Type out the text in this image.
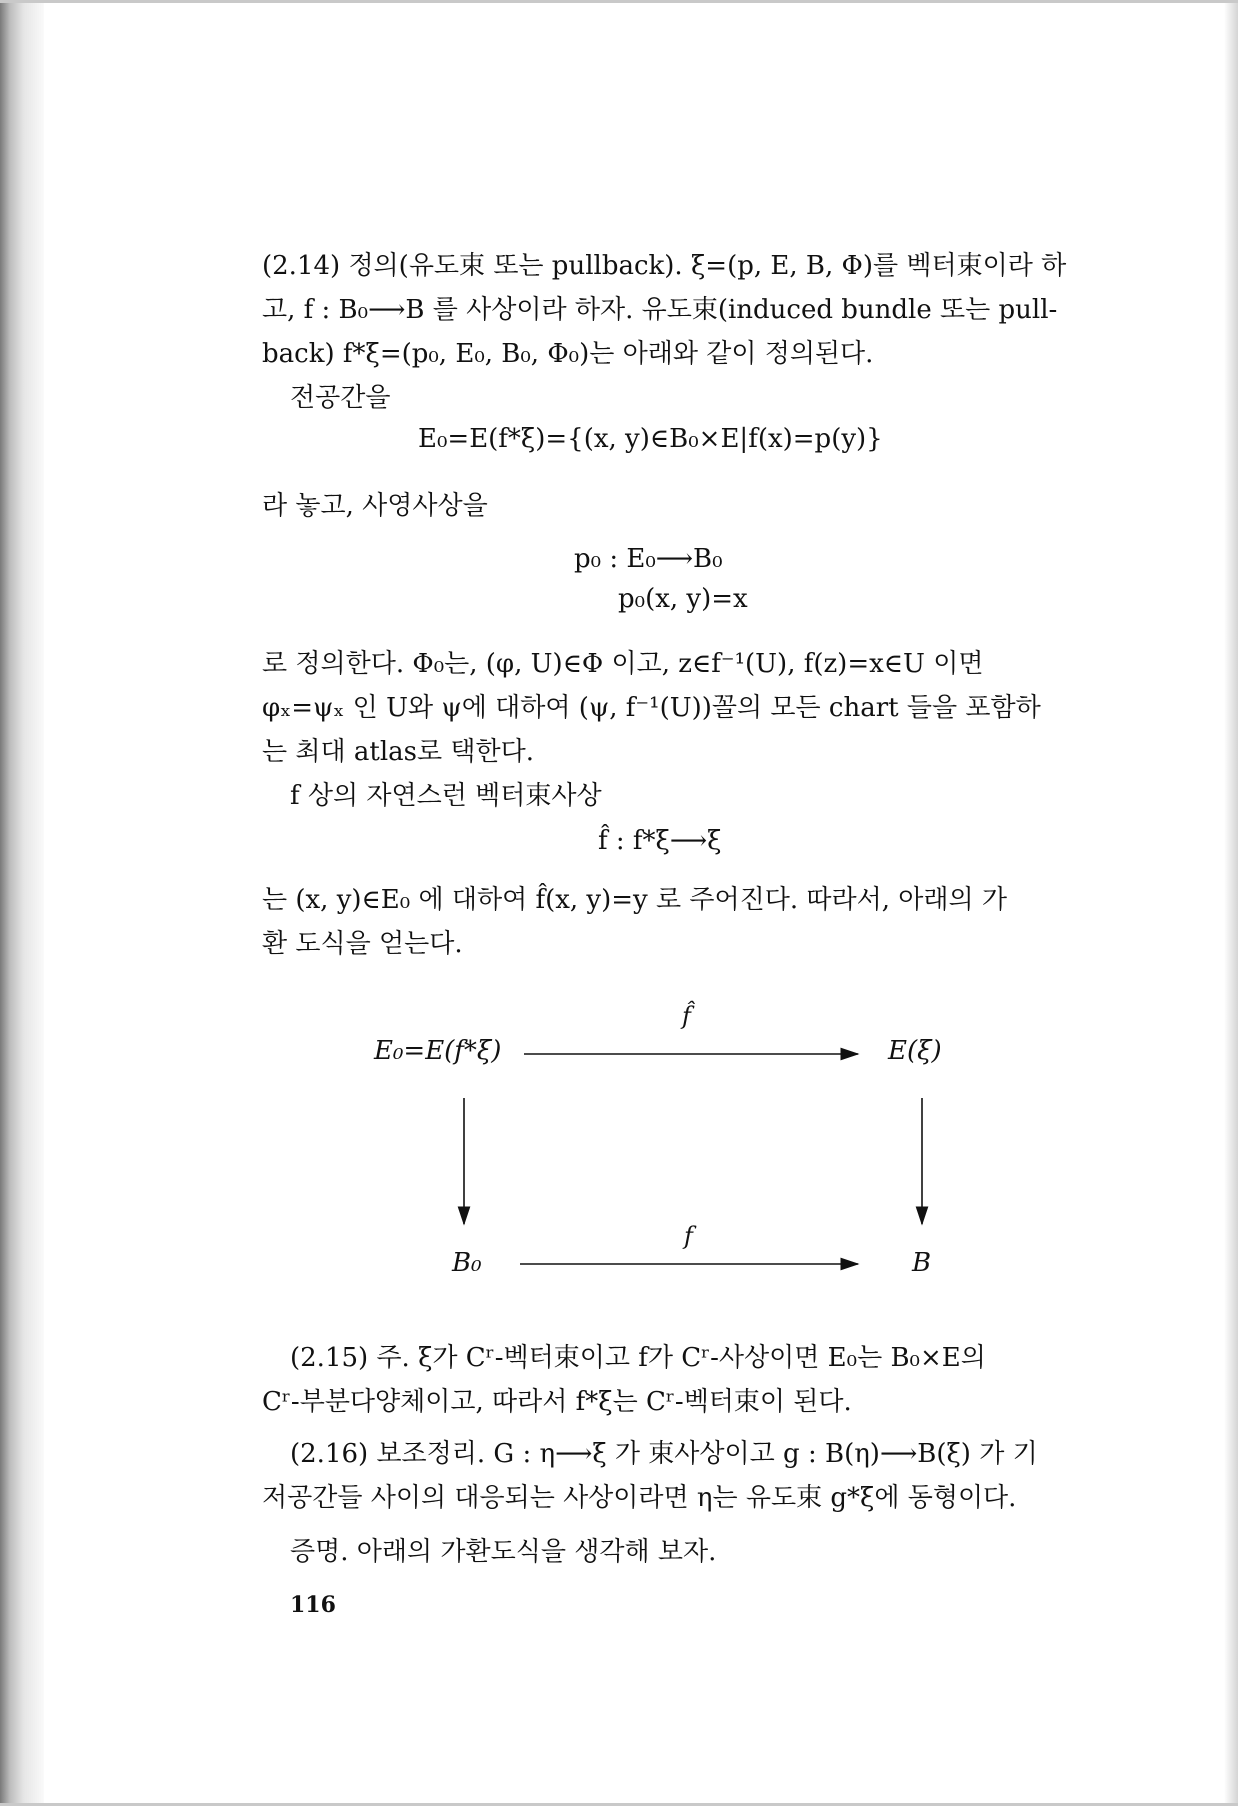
(2.14) 정의(유도束 또는 pullback). ξ=(p, E, B, Φ)를 벡터束이라 하
고, f : B₀⟶B 를 사상이라 하자. 유도束(induced bundle 또는 pull-
back) f*ξ=(p₀, E₀, B₀, Φ₀)는 아래와 같이 정의된다.
전공간을
E₀=E(f*ξ)={(x, y)∈B₀×E|f(x)=p(y)}
라 놓고, 사영사상을
p₀ : E₀⟶B₀
p₀(x, y)=x
로 정의한다. Φ₀는, (φ, U)∈Φ 이고, z∈f⁻¹(U), f(z)=x∈U 이면
φₓ=ψₓ 인 U와 ψ에 대하여 (ψ, f⁻¹(U))꼴의 모든 chart 들을 포함하
는 최대 atlas로 택한다.
f 상의 자연스런 벡터束사상
f̂ : f*ξ⟶ξ
는 (x, y)∈E₀ 에 대하여 f̂(x, y)=y 로 주어진다. 따라서, 아래의 가
환 도식을 얻는다.
E₀=E(f*ξ)	E(ξ)
B₀	B
f̂
f
(2.15) 주. ξ가 Cʳ-벡터束이고 f가 Cʳ-사상이면 E₀는 B₀×E의
Cʳ-부분다양체이고, 따라서 f*ξ는 Cʳ-벡터束이 된다.
(2.16) 보조정리. G : η⟶ξ 가 束사상이고 g : B(η)⟶B(ξ) 가 기
저공간들 사이의 대응되는 사상이라면 η는 유도束 g*ξ에 동형이다.
증명. 아래의 가환도식을 생각해 보자.
116
